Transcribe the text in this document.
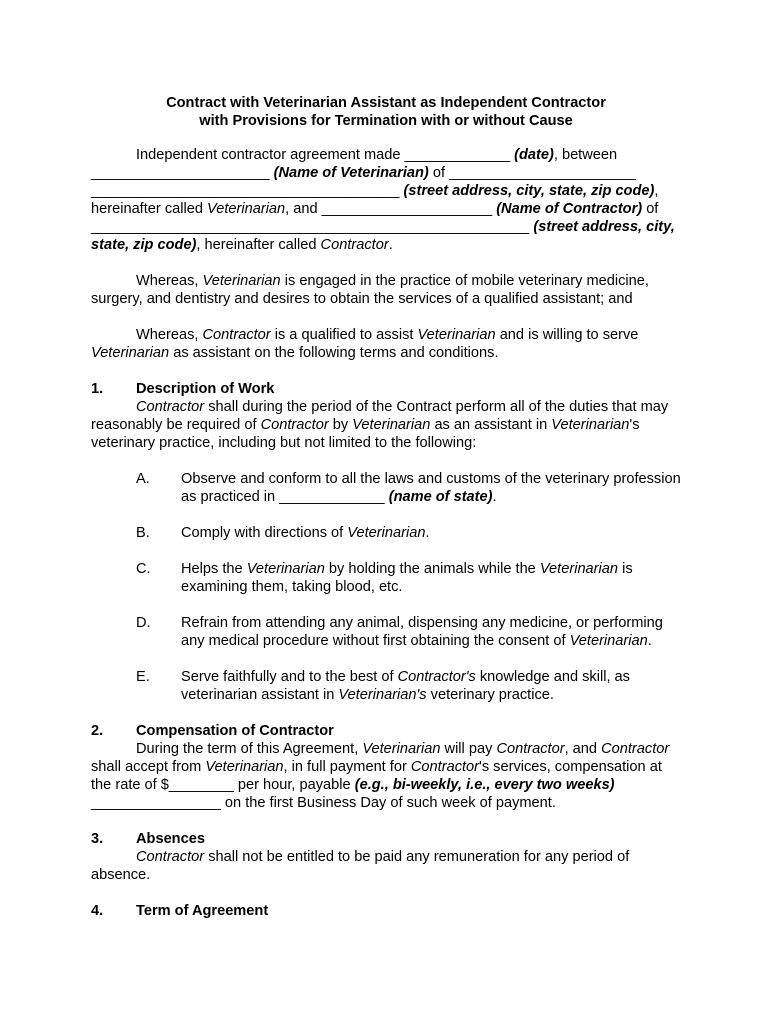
Contract with Veterinarian Assistant as Independent Contractor
with Provisions for Termination with or without Cause

Independent contractor agreement made _____________ (date), between ______________________ (Name of Veterinarian) of _______________________ ______________________________________ (street address, city, state, zip code), hereinafter called Veterinarian, and _____________________ (Name of Contractor) of ______________________________________________________ (street address, city, state, zip code), hereinafter called Contractor.

Whereas, Veterinarian is engaged in the practice of mobile veterinary medicine, surgery, and dentistry and desires to obtain the services of a qualified assistant; and

Whereas, Contractor is a qualified to assist Veterinarian and is willing to serve Veterinarian as assistant on the following terms and conditions.

1. Description of Work

Contractor shall during the period of the Contract perform all of the duties that may reasonably be required of Contractor by Veterinarian as an assistant in Veterinarian's veterinary practice, including but not limited to the following:

A. Observe and conform to all the laws and customs of the veterinary profession as practiced in _____________ (name of state).
B. Comply with directions of Veterinarian.
C. Helps the Veterinarian by holding the animals while the Veterinarian is examining them, taking blood, etc.
D. Refrain from attending any animal, dispensing any medicine, or performing any medical procedure without first obtaining the consent of Veterinarian.
E. Serve faithfully and to the best of Contractor's knowledge and skill, as veterinarian assistant in Veterinarian's veterinary practice.
2. Compensation of Contractor

During the term of this Agreement, Veterinarian will pay Contractor, and Contractor shall accept from Veterinarian, in full payment for Contractor's services, compensation at the rate of $________ per hour, payable (e.g., bi-weekly, i.e., every two weeks) ________________ on the first Business Day of such week of payment.

3. Absences

Contractor shall not be entitled to be paid any remuneration for any period of absence.

4. Term of Agreement
